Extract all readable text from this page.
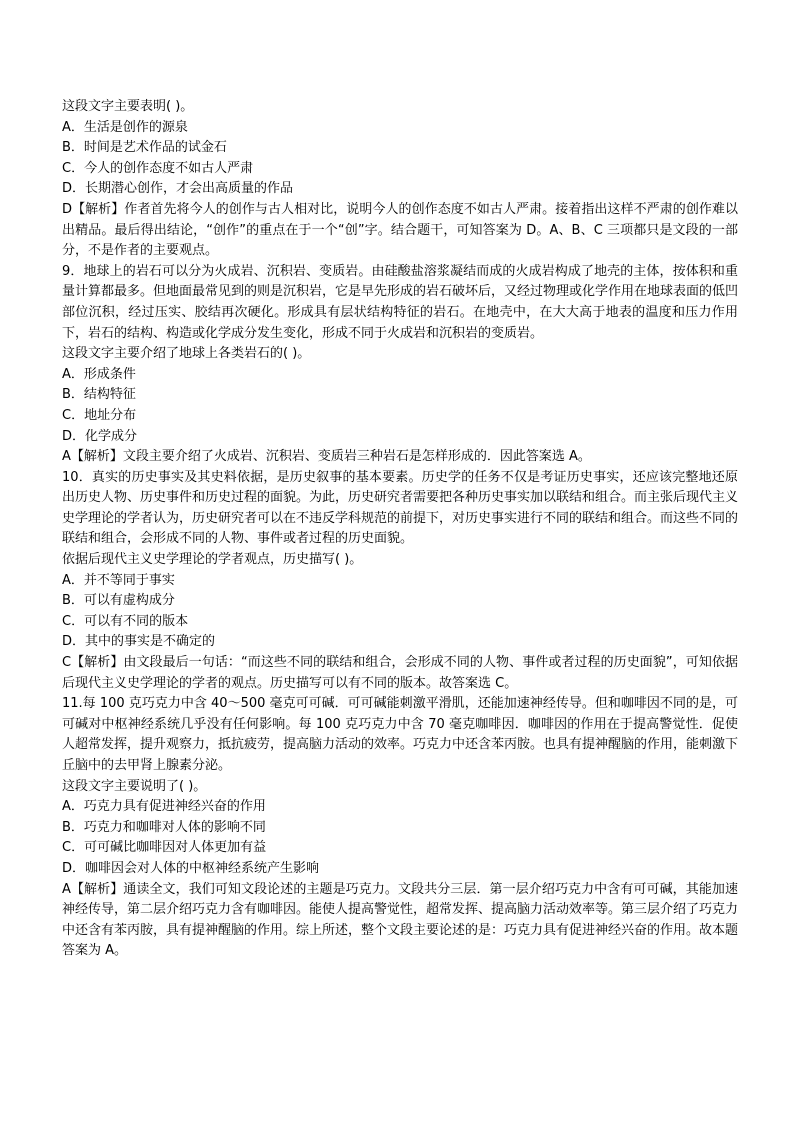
这段文字主要表明( )。
A．生活是创作的源泉
B．时间是艺术作品的试金石
C．今人的创作态度不如古人严肃
D．长期潜心创作，才会出高质量的作品
D【解析】作者首先将今人的创作与古人相对比，说明今人的创作态度不如古人严肃。接着指出这样不严肃的创作难以出精品。最后得出结论，“创作”的重点在于一个“创”字。结合题干，可知答案为 D。A、B、C 三项都只是文段的一部分，不是作者的主要观点。
9．地球上的岩石可以分为火成岩、沉积岩、变质岩。由硅酸盐溶浆凝结而成的火成岩构成了地壳的主体，按体积和重量计算都最多。但地面最常见到的则是沉积岩，它是早先形成的岩石破坏后，又经过物理或化学作用在地球表面的低凹部位沉积，经过压实、胶结再次硬化。形成具有层状结构特征的岩石。在地壳中，在大大高于地表的温度和压力作用下，岩石的结构、构造或化学成分发生变化，形成不同于火成岩和沉积岩的变质岩。
这段文字主要介绍了地球上各类岩石的( )。
A．形成条件
B．结构特征
C．地址分布
D．化学成分
A【解析】文段主要介绍了火成岩、沉积岩、变质岩三种岩石是怎样形成的．因此答案选 A。
10．真实的历史事实及其史料依据，是历史叙事的基本要素。历史学的任务不仅是考证历史事实，还应该完整地还原出历史人物、历史事件和历史过程的面貌。为此，历史研究者需要把各种历史事实加以联结和组合。而主张后现代主义史学理论的学者认为，历史研究者可以在不违反学科规范的前提下，对历史事实进行不同的联结和组合。而这些不同的联结和组合，会形成不同的人物、事件或者过程的历史面貌。
依据后现代主义史学理论的学者观点，历史描写( )。
A．并不等同于事实
B．可以有虚构成分
C．可以有不同的版本
D．其中的事实是不确定的
C【解析】由文段最后一句话：“而这些不同的联结和组合，会形成不同的人物、事件或者过程的历史面貌”，可知依据后现代主义史学理论的学者的观点。历史描写可以有不同的版本。故答案选 C。
11.每 100 克巧克力中含 40～500 毫克可可碱．可可碱能刺激平滑肌，还能加速神经传导。但和咖啡因不同的是，可可碱对中枢神经系统几乎没有任何影响。每 100 克巧克力中含 70 毫克咖啡因．咖啡因的作用在于提高警觉性．促使人超常发挥，提升观察力，抵抗疲劳，提高脑力活动的效率。巧克力中还含苯丙胺。也具有提神醒脑的作用，能刺激下丘脑中的去甲肾上腺素分泌。
这段文字主要说明了( )。
A．巧克力具有促进神经兴奋的作用
B．巧克力和咖啡对人体的影响不同
C．可可碱比咖啡因对人体更加有益
D．咖啡因会对人体的中枢神经系统产生影响
A【解析】通读全文，我们可知文段论述的主题是巧克力。文段共分三层．第一层介绍巧克力中含有可可碱，其能加速神经传导，第二层介绍巧克力含有咖啡因。能使人提高警觉性，超常发挥、提高脑力活动效率等。第三层介绍了巧克力中还含有苯丙胺，具有提神醒脑的作用。综上所述，整个文段主要论述的是：巧克力具有促进神经兴奋的作用。故本题答案为 A。
